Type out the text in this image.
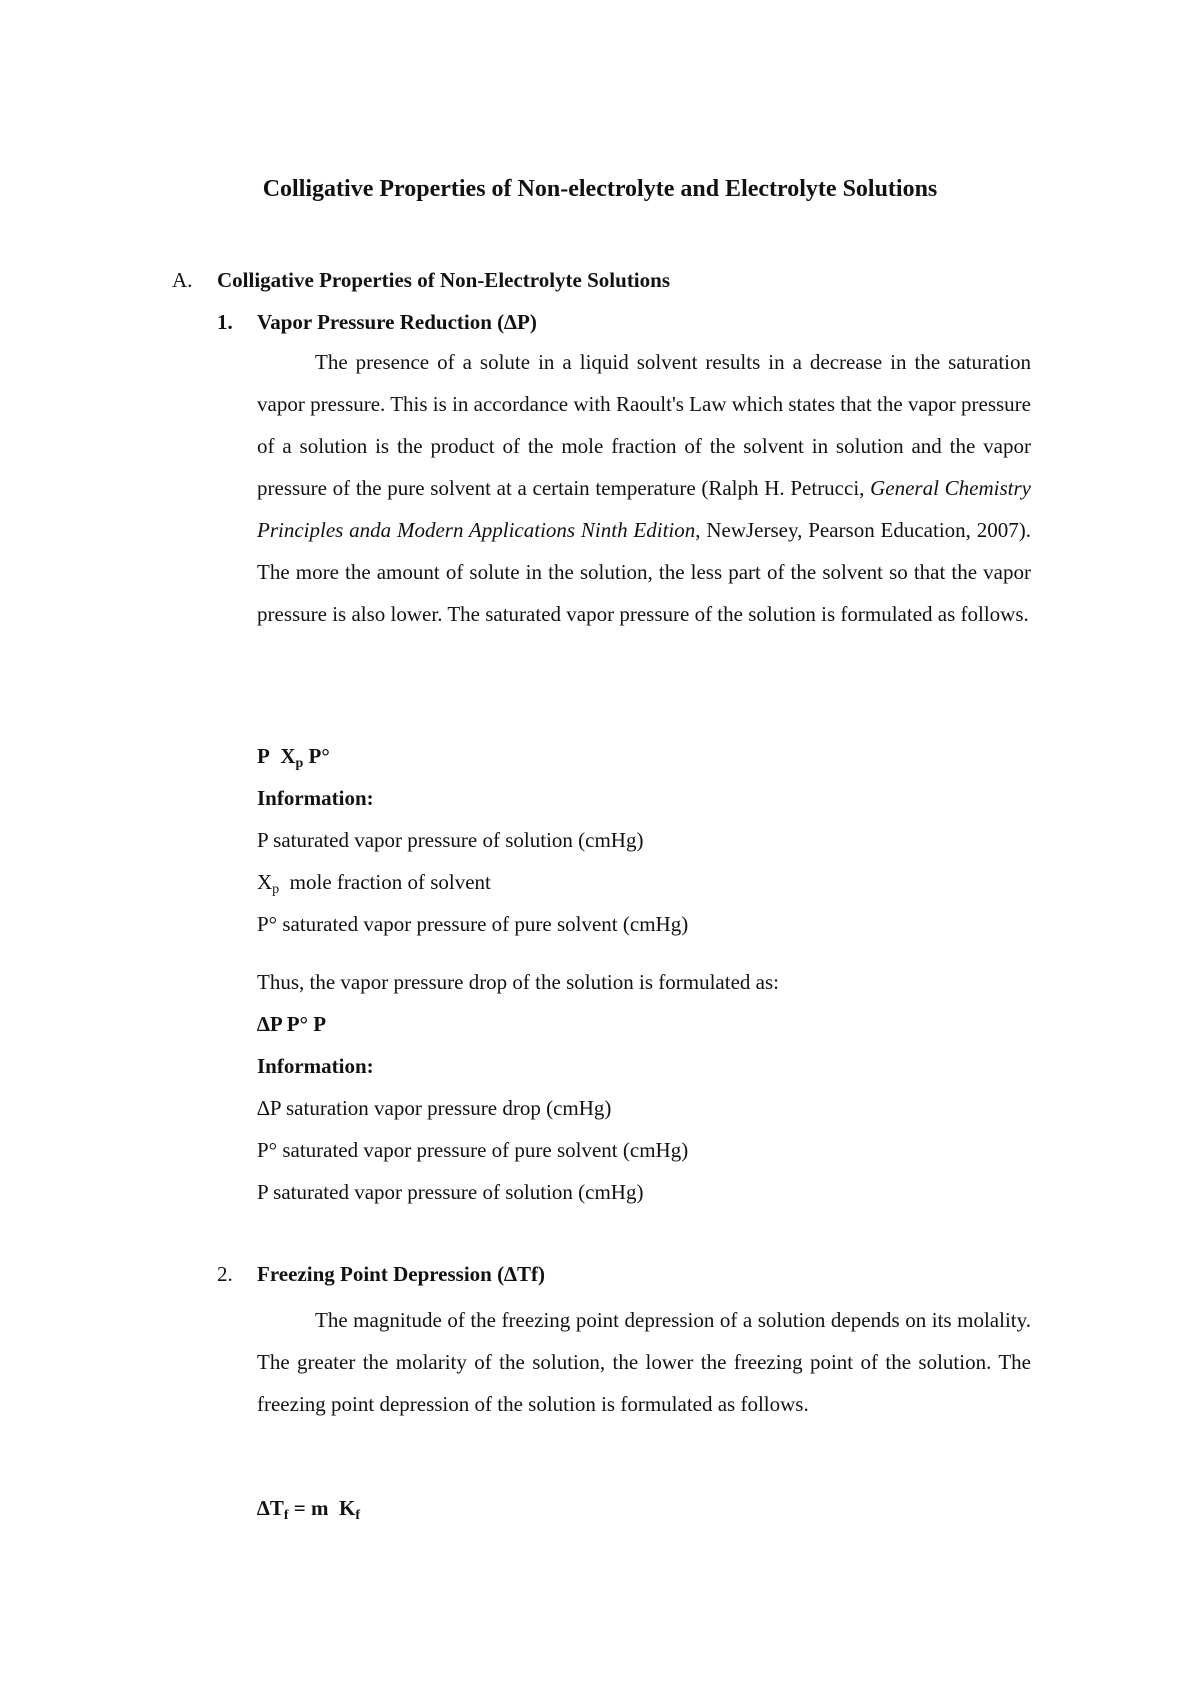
Colligative Properties of Non-electrolyte and Electrolyte Solutions
A. Colligative Properties of Non-Electrolyte Solutions
1. Vapor Pressure Reduction (∆P)
The presence of a solute in a liquid solvent results in a decrease in the saturation vapor pressure. This is in accordance with Raoult's Law which states that the vapor pressure of a solution is the product of the mole fraction of the solvent in solution and the vapor pressure of the pure solvent at a certain temperature (Ralph H. Petrucci, General Chemistry Principles anda Modern Applications Ninth Edition, NewJersey, Pearson Education, 2007). The more the amount of solute in the solution, the less part of the solvent so that the vapor pressure is also lower. The saturated vapor pressure of the solution is formulated as follows.
P $X_p$ P°
Information:
P saturated vapor pressure of solution (cmHg)
$X_p$  mole fraction of solvent
P° saturated vapor pressure of pure solvent (cmHg)
Thus, the vapor pressure drop of the solution is formulated as:
∆P P° P
Information:
∆P saturation vapor pressure drop (cmHg)
P° saturated vapor pressure of pure solvent (cmHg)
P saturated vapor pressure of solution (cmHg)
2. Freezing Point Depression (∆Tf)
The magnitude of the freezing point depression of a solution depends on its molality. The greater the molarity of the solution, the lower the freezing point of the solution. The freezing point depression of the solution is formulated as follows.
$\Delta T_f = m$  $K_f$
